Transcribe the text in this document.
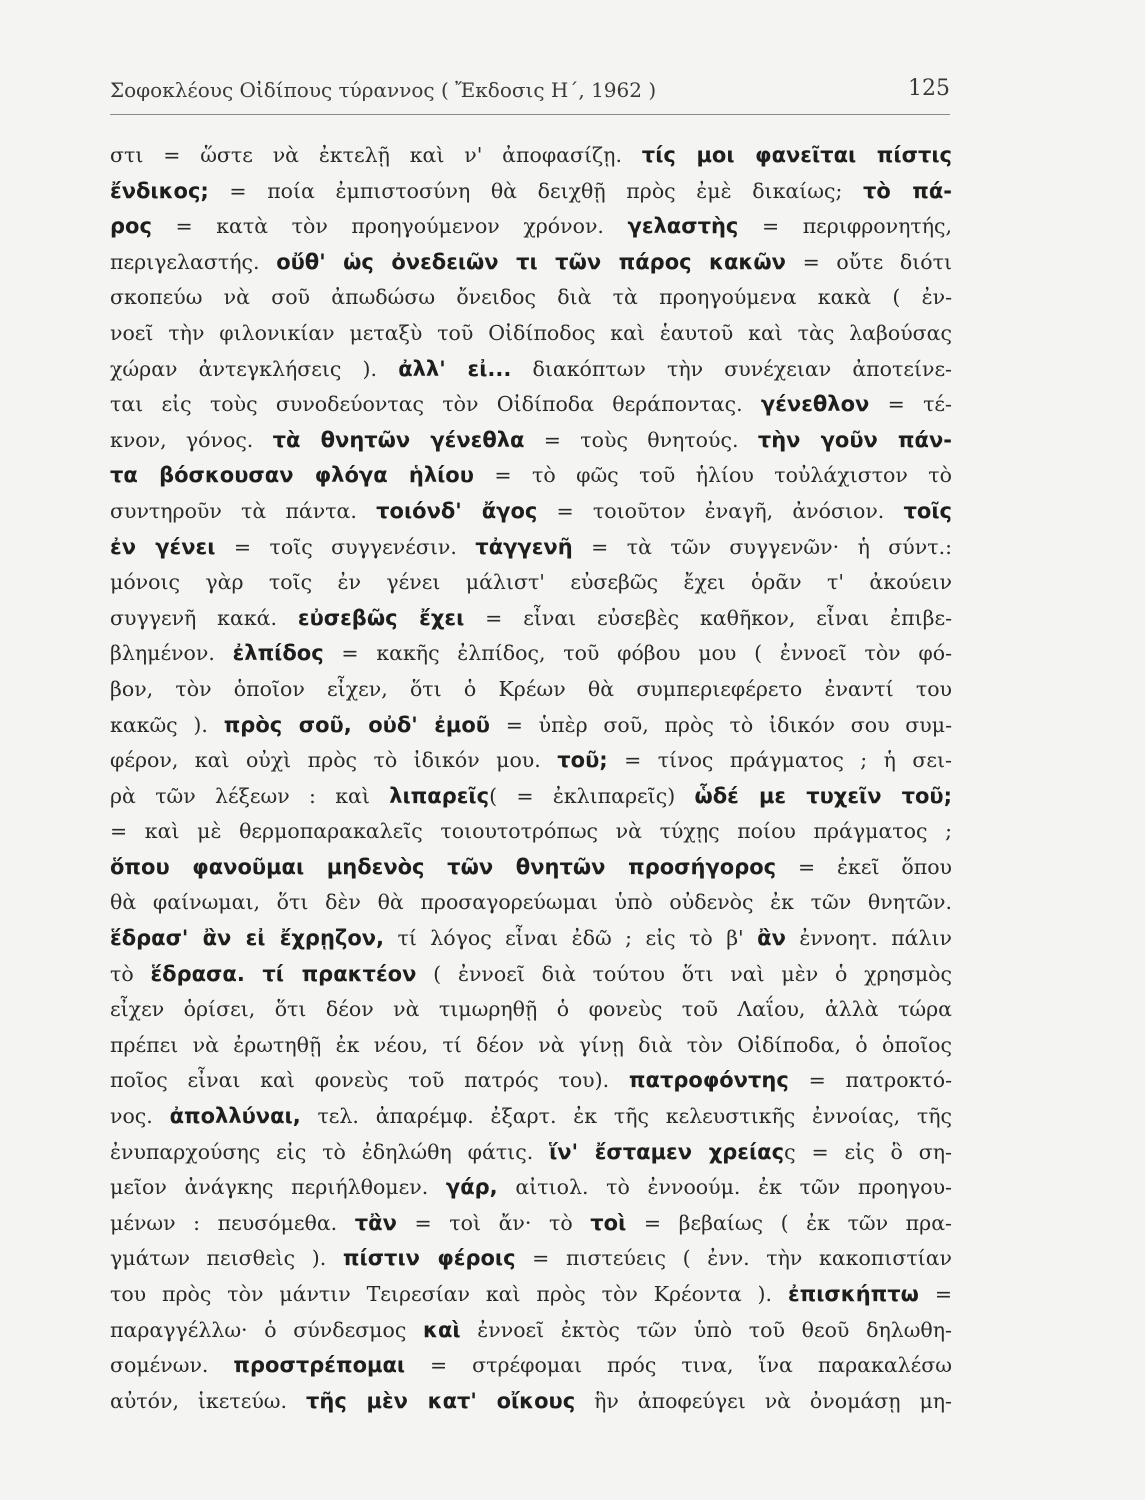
Σοφοκλέους Οἰδίπους τύραννος ( Ἔκδοσις Η΄, 1962 )	125
στι = ὥστε νὰ ἐκτελῇ καὶ ν' ἀποφασίζῃ. τίς μοι φανεῖται πίστις
ἔνδικος; = ποία ἐμπιστοσύνη θὰ δειχθῇ πρὸς ἐμὲ δικαίως; τὸ πά-
ρος = κατὰ τὸν προηγούμενον χρόνον. γελαστὴς = περιφρονητής,
περιγελαστής. οὔθ' ὡς ὀνεδειῶν τι τῶν πάρος κακῶν = οὔτε διότι
σκοπεύω νὰ σοῦ ἀπωδώσω ὄνειδος διὰ τὰ προηγούμενα κακὰ ( ἐν-
νοεῖ τὴν φιλονικίαν μεταξὺ τοῦ Οἰδίποδος καὶ ἑαυτοῦ καὶ τὰς λαβούσας
χώραν ἀντεγκλήσεις ). ἀλλ' εἰ... διακόπτων τὴν συνέχειαν ἀποτείνε-
ται εἰς τοὺς συνοδεύοντας τὸν Οἰδίποδα θεράποντας. γένεθλον = τέ-
κνον, γόνος. τὰ θνητῶν γένεθλα = τοὺς θνητούς. τὴν γοῦν πάν-
τα βόσκουσαν φλόγα ἡλίου = τὸ φῶς τοῦ ἡλίου τοὐλάχιστον τὸ
συντηροῦν τὰ πάντα. τοιόνδ' ἄγος = τοιοῦτον ἐναγῆ, ἀνόσιον. τοῖς
ἐν γένει = τοῖς συγγενέσιν. τἀγγενῆ = τὰ τῶν συγγενῶν· ἡ σύντ.:
μόνοις γὰρ τοῖς ἐν γένει μάλιστ' εὐσεβῶς ἔχει ὁρᾶν τ' ἀκούειν
συγγενῆ κακά. εὐσεβῶς ἔχει = εἶναι εὐσεβὲς καθῆκον, εἶναι ἐπιβε-
βλημένον. ἐλπίδος = κακῆς ἐλπίδος, τοῦ φόβου μου ( ἐννοεῖ τὸν φό-
βον, τὸν ὁποῖον εἶχεν, ὅτι ὁ Κρέων θὰ συμπεριεφέρετο ἐναντί του
κακῶς ). πρὸς σοῦ, οὐδ' ἐμοῦ = ὑπὲρ σοῦ, πρὸς τὸ ἰδικόν σου συμ-
φέρον, καὶ οὐχὶ πρὸς τὸ ἰδικόν μου. τοῦ; = τίνος πράγματος ; ἡ σει-
ρὰ τῶν λέξεων : καὶ λιπαρεῖς( = ἐκλιπαρεῖς) ὧδέ με τυχεῖν τοῦ;
= καὶ μὲ θερμοπαρακαλεῖς τοιουτοτρόπως νὰ τύχῃς ποίου πράγματος ;
ὅπου φανοῦμαι μηδενὸς τῶν θνητῶν προσήγορος = ἐκεῖ ὅπου
θὰ φαίνωμαι, ὅτι δὲν θὰ προσαγορεύωμαι ὑπὸ οὐδενὸς ἐκ τῶν θνητῶν.
ἕδρασ' ἂν εἰ ἔχρῃζον, τί λόγος εἶναι ἐδῶ ; εἰς τὸ β' ἂν ἐννοητ. πάλιν
τὸ ἕδρασα. τί πρακτέον ( ἐννοεῖ διὰ τούτου ὅτι ναὶ μὲν ὁ χρησμὸς
εἶχεν ὁρίσει, ὅτι δέον νὰ τιμωρηθῇ ὁ φονεὺς τοῦ Λαΐου, ἀλλὰ τώρα
πρέπει νὰ ἐρωτηθῇ ἐκ νέου, τί δέον νὰ γίνῃ διὰ τὸν Οἰδίποδα, ὁ ὁποῖος
ποῖος εἶναι καὶ φονεὺς τοῦ πατρός του). πατροφόντης = πατροκτό-
νος. ἀπολλύναι, τελ. ἀπαρέμφ. ἐξαρτ. ἐκ τῆς κελευστικῆς ἐννοίας, τῆς
ἐνυπαρχούσης εἰς τὸ ἐδηλώθη φάτις. ἵν' ἔσταμεν χρείαςς = εἰς ὃ ση-
μεῖον ἀνάγκης περιήλθομεν. γάρ, αἰτιολ. τὸ ἐννοούμ. ἐκ τῶν προηγου-
μένων : πευσόμεθα. τἂν = τοὶ ἄν· τὸ τοὶ = βεβαίως ( ἐκ τῶν πρα-
γμάτων πεισθεὶς ). πίστιν φέροις = πιστεύεις ( ἐνν. τὴν κακοπιστίαν
του πρὸς τὸν μάντιν Τειρεσίαν καὶ πρὸς τὸν Κρέοντα ). ἐπισκήπτω =
παραγγέλλω· ὁ σύνδεσμος καὶ ἐννοεῖ ἐκτὸς τῶν ὑπὸ τοῦ θεοῦ δηλωθη-
σομένων. προστρέπομαι = στρέφομαι πρός τινα, ἵνα παρακαλέσω
αὐτόν, ἱκετεύω. τῆς μὲν κατ' οἴκους ἣν ἀποφεύγει νὰ ὀνομάσῃ μη-
